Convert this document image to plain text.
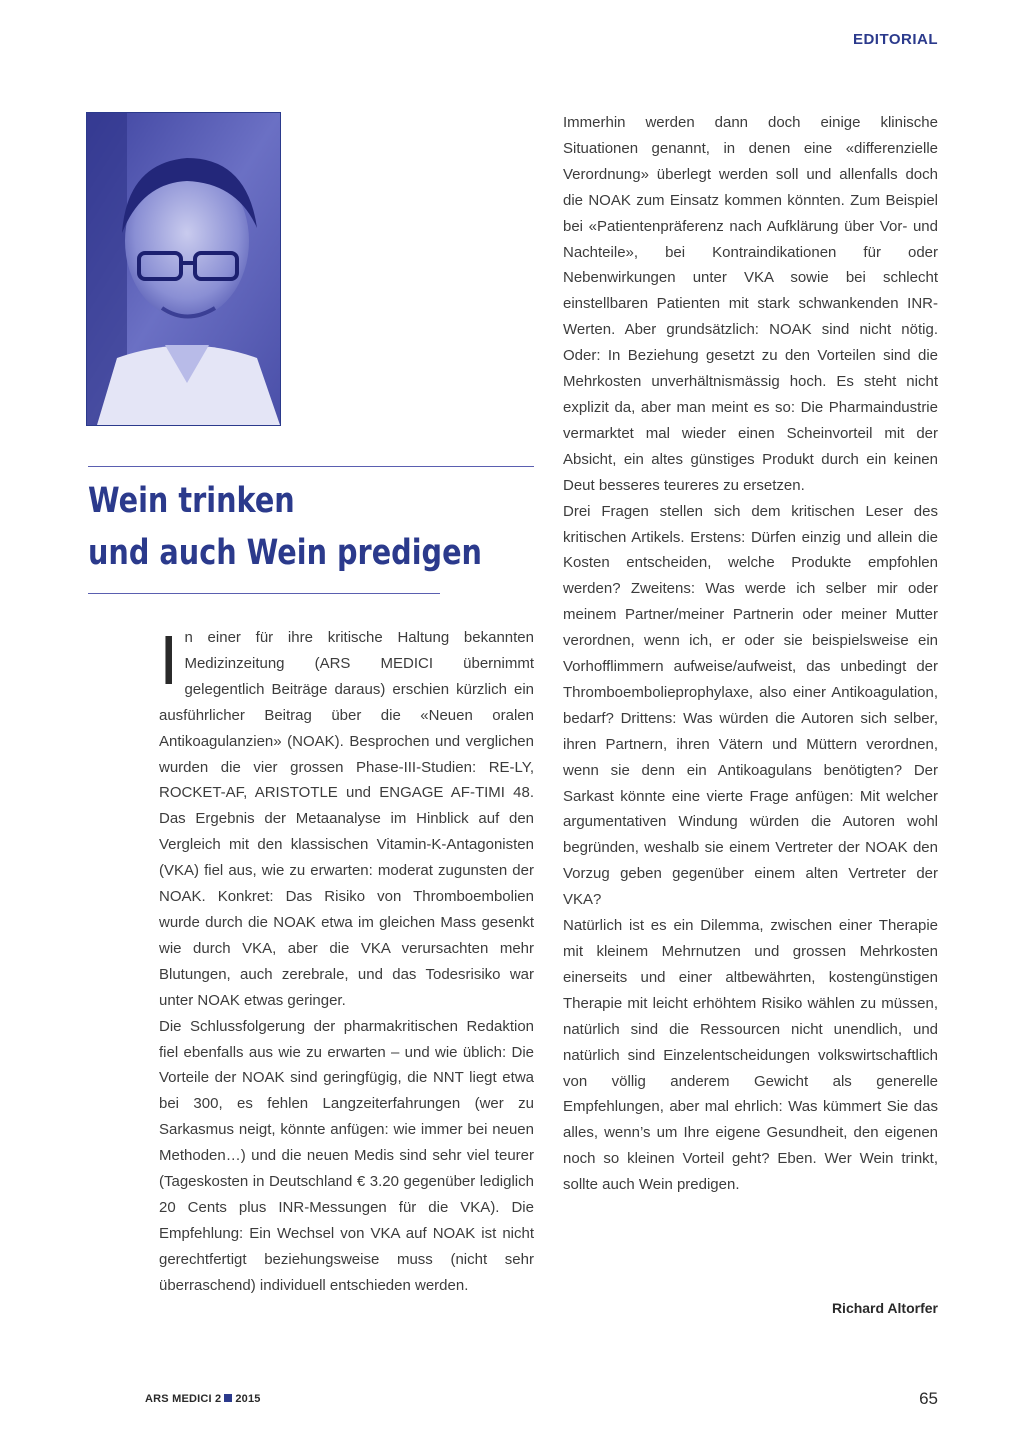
EDITORIAL
Wein trinken
und auch Wein predigen

In einer für ihre kritische Haltung bekannten Medizinzeitung (ARS MEDICI übernimmt gelegentlich Beiträge daraus) erschien kürzlich ein ausführlicher Beitrag über die «Neuen oralen Antikoagulanzien» (NOAK). Besprochen und verglichen wurden die vier grossen Phase-III-Studien: RE-LY, ROCKET-AF, ARISTOTLE und ENGAGE AF-TIMI 48. Das Ergebnis der Metaanalyse im Hinblick auf den Vergleich mit den klassischen Vitamin-K-Antagonisten (VKA) fiel aus, wie zu erwarten: moderat zugunsten der NOAK. Konkret: Das Risiko von Thromboembolien wurde durch die NOAK etwa im gleichen Mass gesenkt wie durch VKA, aber die VKA verursachten mehr Blutungen, auch zerebrale, und das Todesrisiko war unter NOAK etwas geringer.

Die Schlussfolgerung der pharmakritischen Redaktion fiel ebenfalls aus wie zu erwarten – und wie üblich: Die Vorteile der NOAK sind geringfügig, die NNT liegt etwa bei 300, es fehlen Langzeiterfahrungen (wer zu Sarkasmus neigt, könnte anfügen: wie immer bei neuen Methoden…) und die neuen Medis sind sehr viel teurer (Tageskosten in Deutschland € 3.20 gegenüber lediglich 20 Cents plus INR-Messungen für die VKA). Die Empfehlung: Ein Wechsel von VKA auf NOAK ist nicht gerechtfertigt beziehungsweise muss (nicht sehr überraschend) individuell entschieden werden.

Immerhin werden dann doch einige klinische Situationen genannt, in denen eine «differenzielle Verordnung» überlegt werden soll und allenfalls doch die NOAK zum Einsatz kommen könnten. Zum Beispiel bei «Patientenpräferenz nach Aufklärung über Vor- und Nachteile», bei Kontraindikationen für oder Nebenwirkungen unter VKA sowie bei schlecht einstellbaren Patienten mit stark schwankenden INR-Werten. Aber grundsätzlich: NOAK sind nicht nötig. Oder: In Beziehung gesetzt zu den Vorteilen sind die Mehrkosten unverhältnismässig hoch. Es steht nicht explizit da, aber man meint es so: Die Pharmaindustrie vermarktet mal wieder einen Scheinvorteil mit der Absicht, ein altes günstiges Produkt durch ein keinen Deut besseres teureres zu ersetzen.

Drei Fragen stellen sich dem kritischen Leser des kritischen Artikels. Erstens: Dürfen einzig und allein die Kosten entscheiden, welche Produkte empfohlen werden? Zweitens: Was werde ich selber mir oder meinem Partner/meiner Partnerin oder meiner Mutter verordnen, wenn ich, er oder sie beispielsweise ein Vorhofflimmern aufweise/aufweist, das unbedingt der Thromboembolieprophylaxe, also einer Antikoagulation, bedarf? Drittens: Was würden die Autoren sich selber, ihren Partnern, ihren Vätern und Müttern verordnen, wenn sie denn ein Antikoagulans benötigten? Der Sarkast könnte eine vierte Frage anfügen: Mit welcher argumentativen Windung würden die Autoren wohl begründen, weshalb sie einem Vertreter der NOAK den Vorzug geben gegenüber einem alten Vertreter der VKA?

Natürlich ist es ein Dilemma, zwischen einer Therapie mit kleinem Mehrnutzen und grossen Mehrkosten einerseits und einer altbewährten, kostengünstigen Therapie mit leicht erhöhtem Risiko wählen zu müssen, natürlich sind die Ressourcen nicht unendlich, und natürlich sind Einzelentscheidungen volkswirtschaftlich von völlig anderem Gewicht als generelle Empfehlungen, aber mal ehrlich: Was kümmert Sie das alles, wenn’s um Ihre eigene Gesundheit, den eigenen noch so kleinen Vorteil geht? Eben. Wer Wein trinkt, sollte auch Wein predigen.

Richard Altorfer
ARS MEDICI 2 2015	65
